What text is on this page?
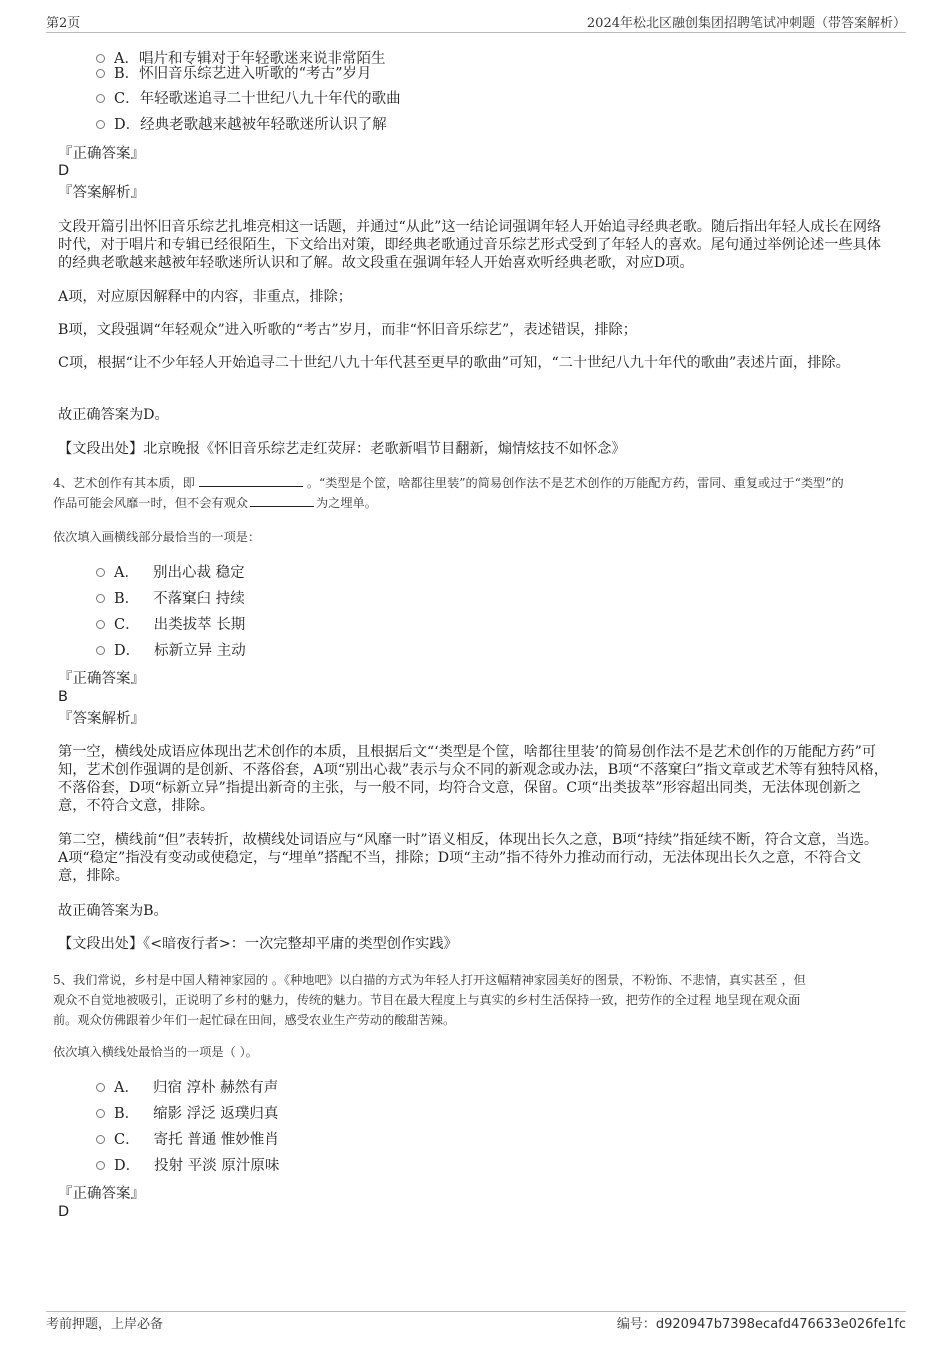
第2页	2024年松北区融创集团招聘笔试冲刺题（带答案解析）
A．唱片和专辑对于年轻歌迷来说非常陌生
B．怀旧音乐综艺进入听歌的“考古”岁月
C．年轻歌迷追寻二十世纪八九十年代的歌曲
D．经典老歌越来越被年轻歌迷所认识了解
『正确答案』
D
『答案解析』
文段开篇引出怀旧音乐综艺扎堆亮相这一话题，并通过“从此”这一结论词强调年轻人开始追寻经典老歌。随后指出年轻人成长在网络时代，对于唱片和专辑已经很陌生，下文给出对策，即经典老歌通过音乐综艺形式受到了年轻人的喜欢。尾句通过举例论述一些具体的经典老歌越来越被年轻歌迷所认识和了解。故文段重在强调年轻人开始喜欢听经典老歌，对应D项。
A项，对应原因解释中的内容，非重点，排除；
B项，文段强调“年轻观众”进入听歌的“考古”岁月，而非“怀旧音乐综艺”，表述错误，排除；
C项，根据“让不少年轻人开始追寻二十世纪八九十年代甚至更早的歌曲”可知，“二十世纪八九十年代的歌曲”表述片面，排除。
故正确答案为D。
【文段出处】北京晚报《怀旧音乐综艺走红荧屏：老歌新唱节目翻新，煽情炫技不如怀念》
4、艺术创作有其本质，即	。“类型是个筐，啥都往里装”的简易创作法不是艺术创作的万能配方药，雷同、重复或过于“类型”的
作品可能会风靡一时，但不会有观众	为之埋单。
依次填入画横线部分最恰当的一项是：
A． 别出心裁 稳定
B． 不落窠臼 持续
C． 出类拔萃 长期
D． 标新立异 主动
『正确答案』
B
『答案解析』
第一空，横线处成语应体现出艺术创作的本质，且根据后文“‘类型是个筐，啥都往里装’的简易创作法不是艺术创作的万能配方药”可知，艺术创作强调的是创新、不落俗套，A项“别出心裁”表示与众不同的新观念或办法，B项“不落窠臼”指文章或艺术等有独特风格，不落俗套，D项“标新立异”指提出新奇的主张，与一般不同，均符合文意，保留。C项“出类拔萃”形容超出同类，无法体现创新之意，不符合文意，排除。
第二空，横线前“但”表转折，故横线处词语应与“风靡一时”语义相反，体现出长久之意，B项“持续”指延续不断，符合文意，当选。A项“稳定”指没有变动或使稳定，与“埋单”搭配不当，排除；D项“主动”指不待外力推动而行动，无法体现出长久之意，不符合文意，排除。
故正确答案为B。
【文段出处】《<暗夜行者>：一次完整却平庸的类型创作实践》
5、我们常说，乡村是中国人精神家园的 。《种地吧》以白描的方式为年轻人打开这幅精神家园美好的图景，不粉饰、不悲情，真实甚至 ，但
观众不自觉地被吸引，正说明了乡村的魅力，传统的魅力。节目在最大程度上与真实的乡村生活保持一致，把劳作的全过程 地呈现在观众面
前。观众仿佛跟着少年们一起忙碌在田间，感受农业生产劳动的酸甜苦辣。
依次填入横线处最恰当的一项是（ ）。
A． 归宿 淳朴 赫然有声
B． 缩影 浮泛 返璞归真
C． 寄托 普通 惟妙惟肖
D． 投射 平淡 原汁原味
『正确答案』
D
考前押题，上岸必备	编号：d920947b7398ecafd476633e026fe1fc
